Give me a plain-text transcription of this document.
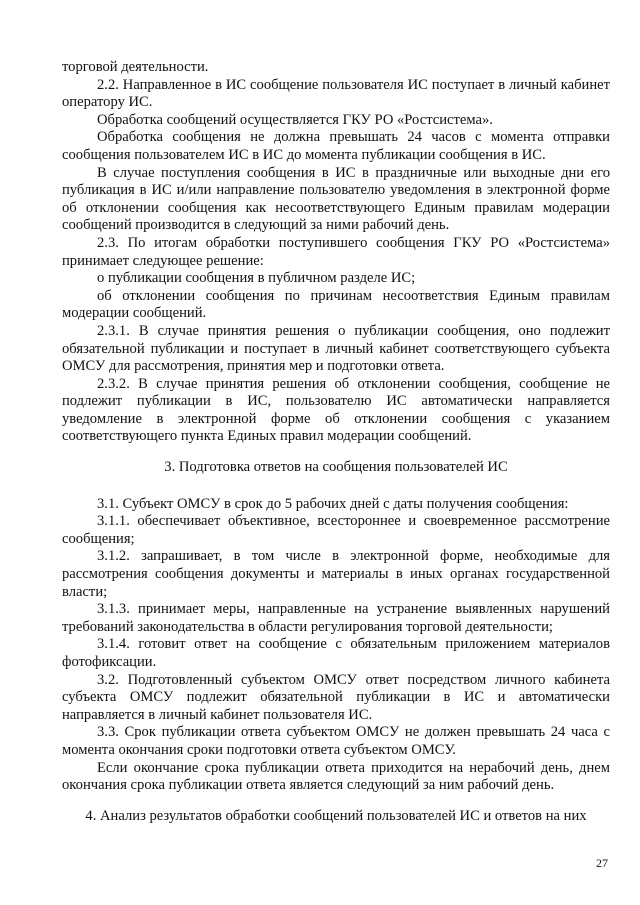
торговой деятельности.

2.2. Направленное в ИС сообщение пользователя ИС поступает в личный кабинет оператору ИС.

Обработка сообщений осуществляется ГКУ РО «Ростсистема».

Обработка сообщения не должна превышать 24 часов с момента отправки сообщения пользователем ИС в ИС до момента публикации сообщения в ИС.

В случае поступления сообщения в ИС в праздничные или выходные дни его публикация в ИС и/или направление пользователю уведомления в электронной форме об отклонении сообщения как несоответствующего Единым правилам модерации сообщений производится в следующий за ними рабочий день.

2.3. По итогам обработки поступившего сообщения ГКУ РО «Ростсистема» принимает следующее решение:

о публикации сообщения в публичном разделе ИС;

об отклонении сообщения по причинам несоответствия Единым правилам модерации сообщений.

2.3.1. В случае принятия решения о публикации сообщения, оно подлежит обязательной публикации и поступает в личный кабинет соответствующего субъекта ОМСУ для рассмотрения, принятия мер и подготовки ответа.

2.3.2. В случае принятия решения об отклонении сообщения, сообщение не подлежит публикации в ИС, пользователю ИС автоматически направляется уведомление в электронной форме об отклонении сообщения с указанием соответствующего пункта Единых правил модерации сообщений.

3. Подготовка ответов на сообщения пользователей ИС

3.1. Субъект ОМСУ в срок до 5 рабочих дней с даты получения сообщения:

3.1.1. обеспечивает объективное, всестороннее и своевременное рассмотрение сообщения;

3.1.2. запрашивает, в том числе в электронной форме, необходимые для рассмотрения сообщения документы и материалы в иных органах государственной власти;

3.1.3. принимает меры, направленные на устранение выявленных нарушений требований законодательства в области регулирования торговой деятельности;

3.1.4. готовит ответ на сообщение с обязательным приложением материалов фотофиксации.

3.2. Подготовленный субъектом ОМСУ ответ посредством личного кабинета субъекта ОМСУ подлежит обязательной публикации в ИС и автоматически направляется в личный кабинет пользователя ИС.

3.3. Срок публикации ответа субъектом ОМСУ не должен превышать 24 часа с момента окончания сроки подготовки ответа субъектом ОМСУ.

Если окончание срока публикации ответа приходится на нерабочий день, днем окончания срока публикации ответа является следующий за ним рабочий день.

4. Анализ результатов обработки сообщений пользователей ИС и ответов на них

27
